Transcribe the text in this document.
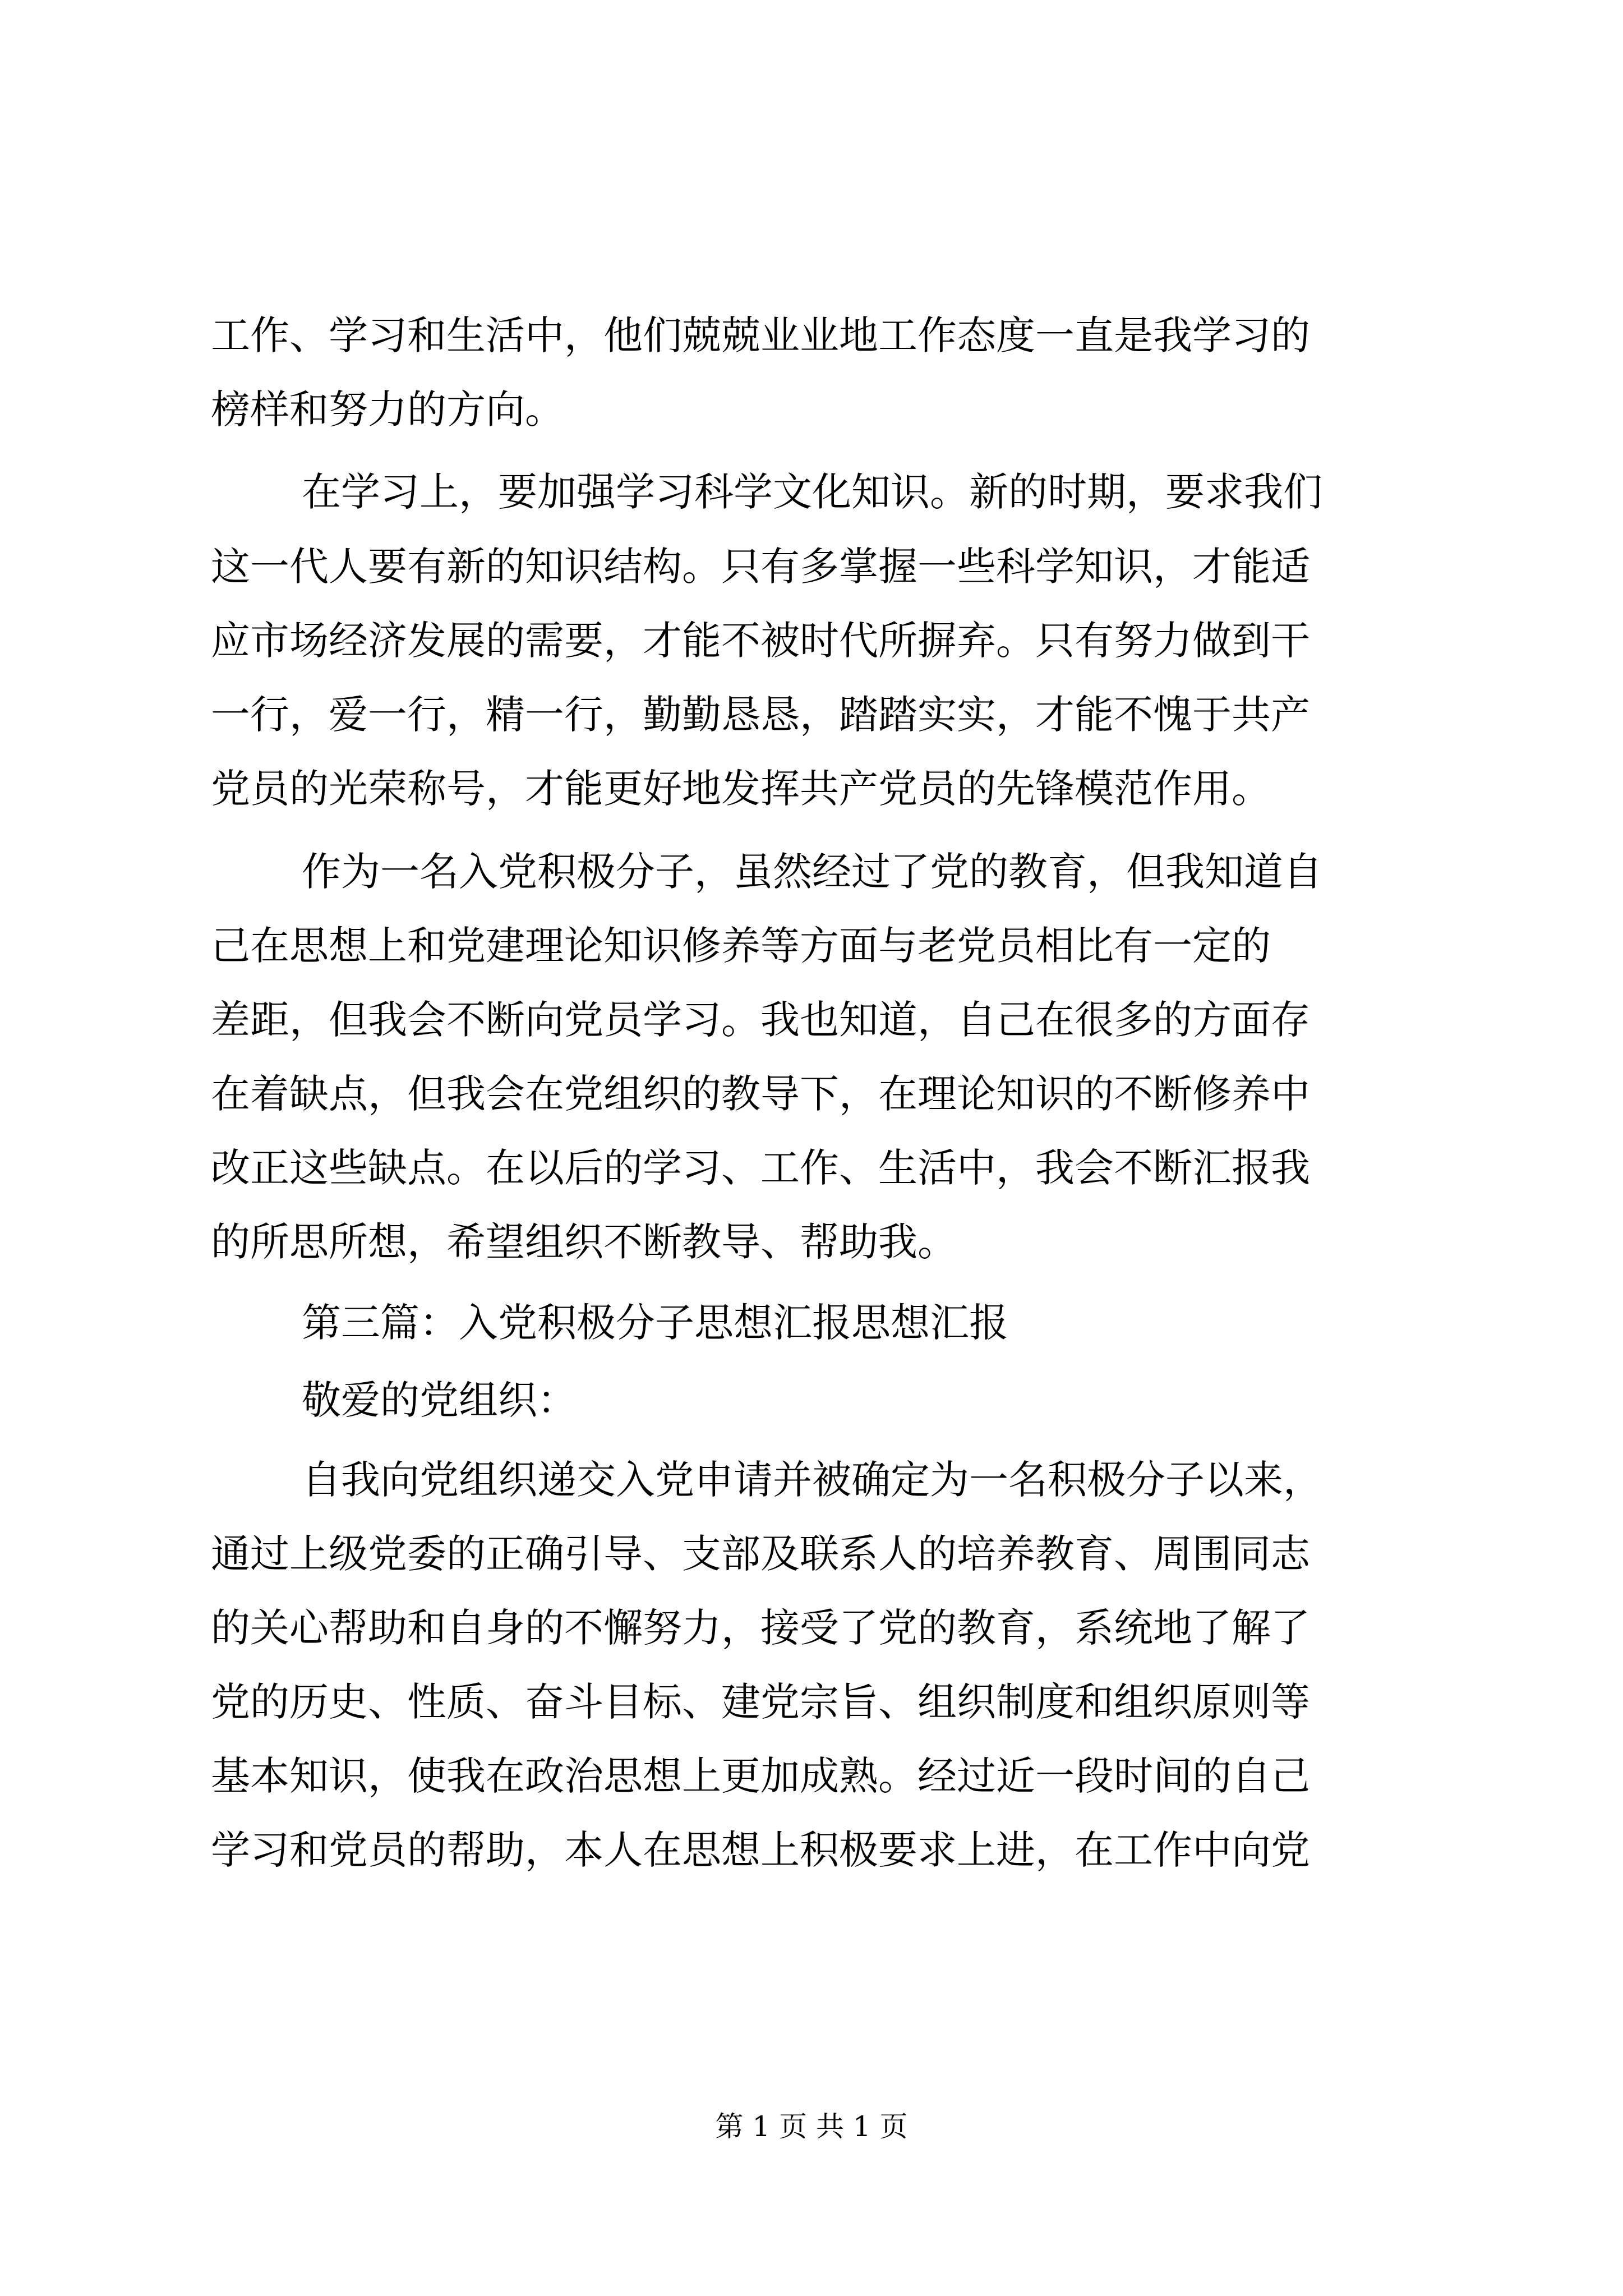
工作、学习和生活中，他们兢兢业业地工作态度一直是我学习的
榜样和努力的方向。
在学习上，要加强学习科学文化知识。新的时期，要求我们
这一代人要有新的知识结构。只有多掌握一些科学知识，才能适
应市场经济发展的需要，才能不被时代所摒弃。只有努力做到干
一行，爱一行，精一行，勤勤恳恳，踏踏实实，才能不愧于共产
党员的光荣称号，才能更好地发挥共产党员的先锋模范作用。
作为一名入党积极分子，虽然经过了党的教育，但我知道自
己在思想上和党建理论知识修养等方面与老党员相比有一定的
差距，但我会不断向党员学习。我也知道，自己在很多的方面存
在着缺点，但我会在党组织的教导下，在理论知识的不断修养中
改正这些缺点。在以后的学习、工作、生活中，我会不断汇报我
的所思所想，希望组织不断教导、帮助我。
第三篇：入党积极分子思想汇报思想汇报
敬爱的党组织：
自我向党组织递交入党申请并被确定为一名积极分子以来，
通过上级党委的正确引导、支部及联系人的培养教育、周围同志
的关心帮助和自身的不懈努力，接受了党的教育，系统地了解了
党的历史、性质、奋斗目标、建党宗旨、组织制度和组织原则等
基本知识，使我在政治思想上更加成熟。经过近一段时间的自己
学习和党员的帮助，本人在思想上积极要求上进，在工作中向党
第 1 页 共 1 页
